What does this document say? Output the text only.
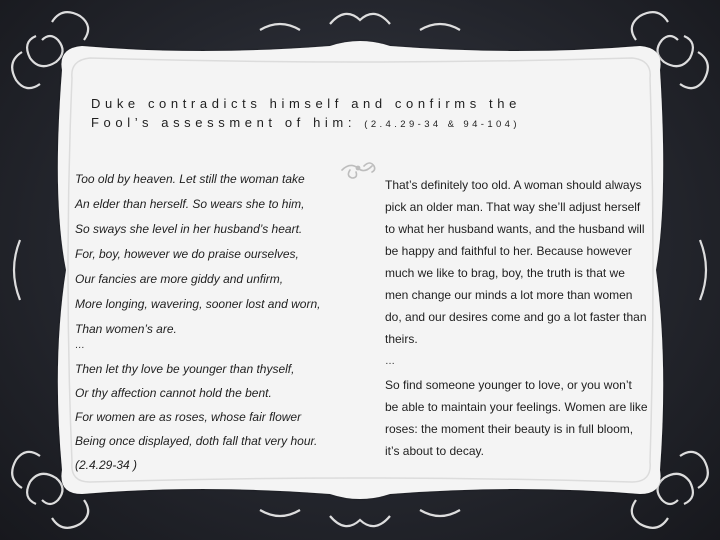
Duke contradicts himself and confirms the
Fool’s assessment of him: (2.4.29-34 & 94-104)
Too old by heaven. Let still the woman take
An elder than herself. So wears she to him,
So sways she level in her husband’s heart.
For, boy, however we do praise ourselves,
Our fancies are more giddy and unfirm,
More longing, wavering, sooner lost and worn,
Than women’s are.
…
Then let thy love be younger than thyself,
Or thy affection cannot hold the bent.
For women are as roses, whose fair flower
Being once displayed, doth fall that very hour.
(2.4.29-34 )
That’s definitely too old. A woman should always
pick an older man. That way she’ll adjust herself
to what her husband wants, and the husband will
be happy and faithful to her. Because however
much we like to brag, boy, the truth is that we
men change our minds a lot more than women
do, and our desires come and go a lot faster than
theirs.
…
So find someone younger to love, or you won’t
be able to maintain your feelings. Women are like
roses: the moment their beauty is in full bloom,
it’s about to decay.
